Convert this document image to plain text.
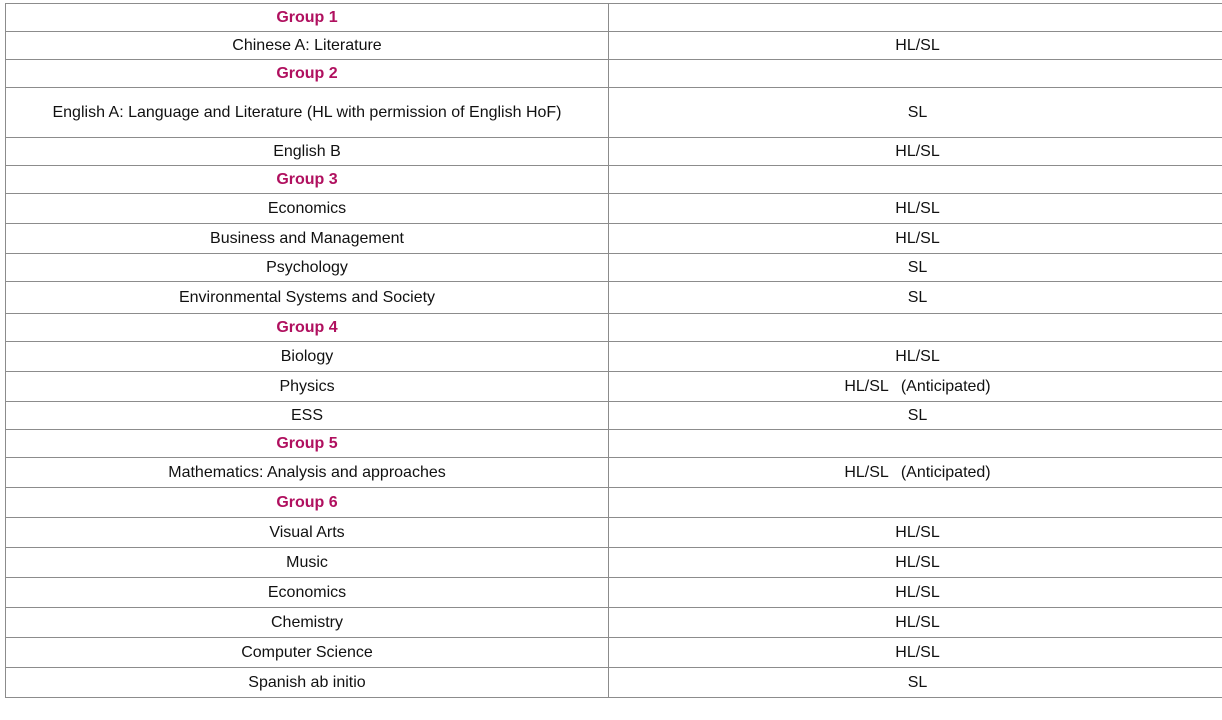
Group 1	
Chinese A: Literature	HL/SL
Group 2	
English A: Language and Literature (HL with permission of English HoF)	SL
English B	HL/SL
Group 3	
Economics	HL/SL
Business and Management	HL/SL
Psychology	SL
Environmental Systems and Society	SL
Group 4	
Biology	HL/SL
Physics	HL/SL (Anticipated)
ESS	SL
Group 5	
Mathematics: Analysis and approaches	HL/SL (Anticipated)
Group 6	
Visual Arts	HL/SL
Music	HL/SL
Economics	HL/SL
Chemistry	HL/SL
Computer Science	HL/SL
Spanish ab initio	SL
